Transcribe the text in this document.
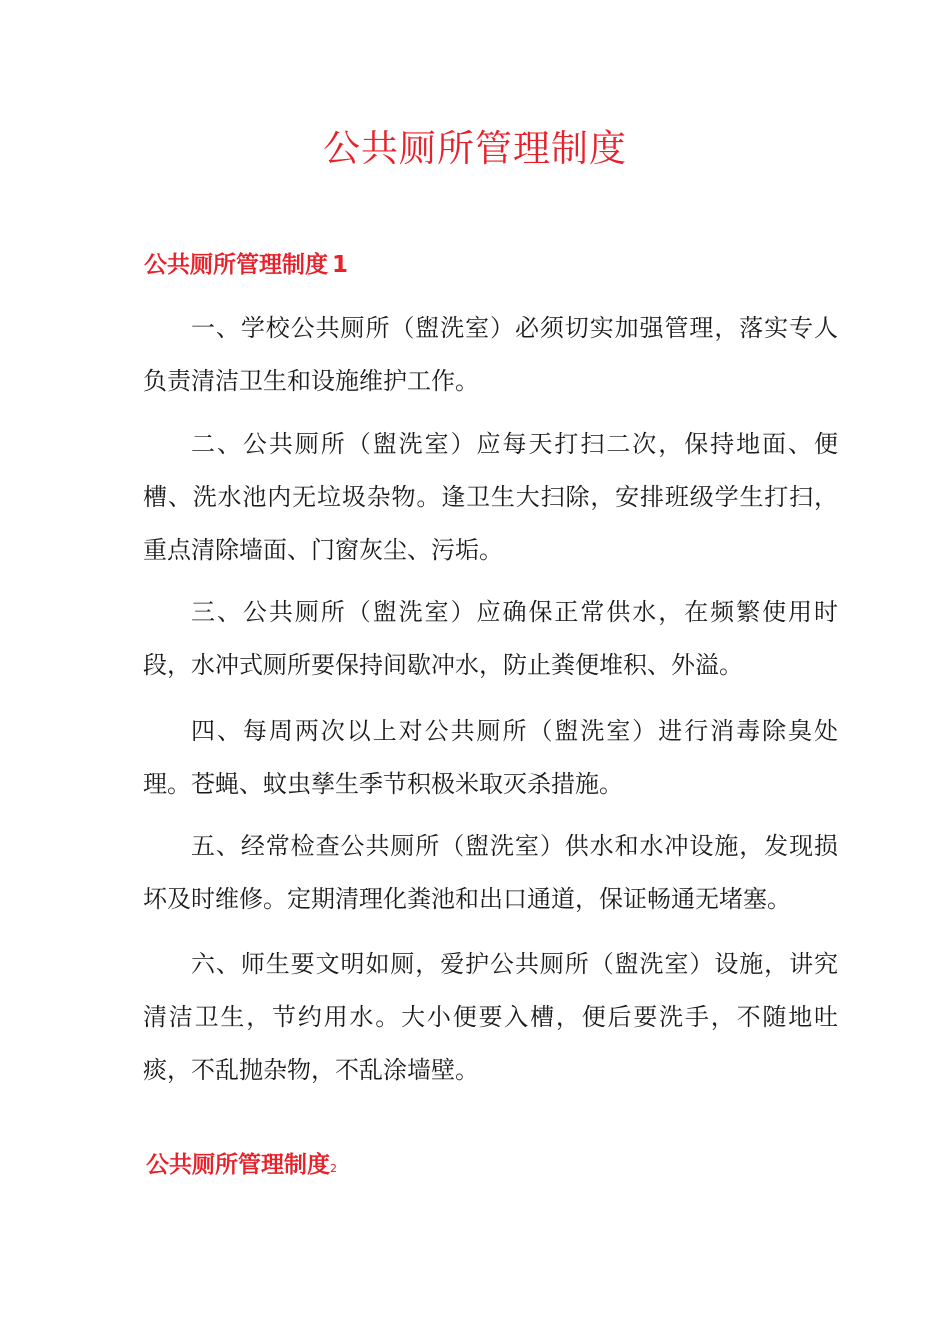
公共厕所管理制度
公共厕所管理制度 1

一、学校公共厕所（盥洗室）必须切实加强管理，落实专人负责清洁卫生和设施维护工作。

二、公共厕所（盥洗室）应每天打扫二次，保持地面、便槽、洗水池内无垃圾杂物。逢卫生大扫除，安排班级学生打扫，重点清除墙面、门窗灰尘、污垢。

三、公共厕所（盥洗室）应确保正常供水，在频繁使用时段，水冲式厕所要保持间歇冲水，防止粪便堆积、外溢。

四、每周两次以上对公共厕所（盥洗室）进行消毒除臭处理。苍蝇、蚊虫孳生季节积极米取灭杀措施。

五、经常检查公共厕所（盥洗室）供水和水冲设施，发现损坏及时维修。定期清理化粪池和出口通道，保证畅通无堵塞。

六、师生要文明如厕，爱护公共厕所（盥洗室）设施，讲究清洁卫生，节约用水。大小便要入槽，便后要洗手，不随地吐痰，不乱抛杂物，不乱涂墙壁。

公共厕所管理制度2
